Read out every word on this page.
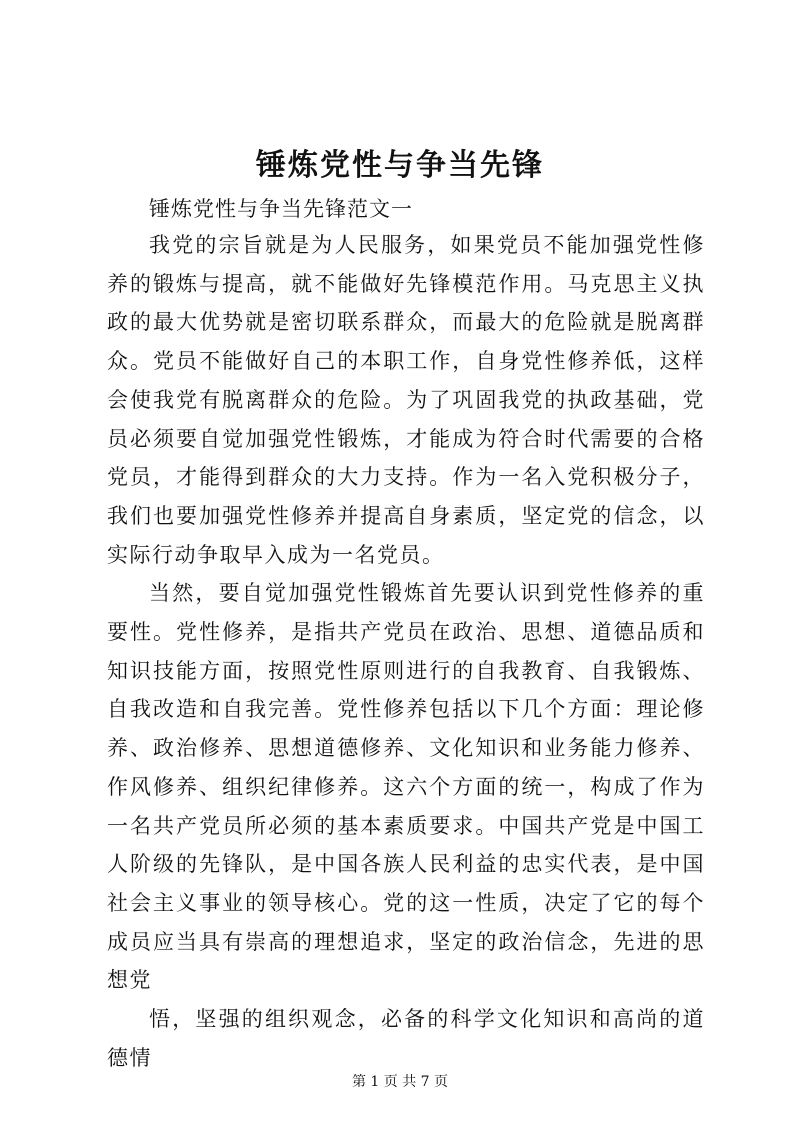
锤炼党性与争当先锋
锤炼党性与争当先锋范文一

我党的宗旨就是为人民服务，如果党员不能加强党性修养的锻炼与提高，就不能做好先锋模范作用。马克思主义执政的最大优势就是密切联系群众，而最大的危险就是脱离群众。党员不能做好自己的本职工作，自身党性修养低，这样会使我党有脱离群众的危险。为了巩固我党的执政基础，党员必须要自觉加强党性锻炼，才能成为符合时代需要的合格党员，才能得到群众的大力支持。作为一名入党积极分子，我们也要加强党性修养并提高自身素质，坚定党的信念，以实际行动争取早入成为一名党员。

当然，要自觉加强党性锻炼首先要认识到党性修养的重要性。党性修养，是指共产党员在政治、思想、道德品质和知识技能方面，按照党性原则进行的自我教育、自我锻炼、自我改造和自我完善。党性修养包括以下几个方面：理论修养、政治修养、思想道德修养、文化知识和业务能力修养、作风修养、组织纪律修养。这六个方面的统一，构成了作为一名共产党员所必须的基本素质要求。中国共产党是中国工人阶级的先锋队，是中国各族人民利益的忠实代表，是中国社会主义事业的领导核心。党的这一性质，决定了它的每个成员应当具有崇高的理想追求，坚定的政治信念，先进的思想党

悟，坚强的组织观念，必备的科学文化知识和高尚的道德情

第 1 页 共 7 页
